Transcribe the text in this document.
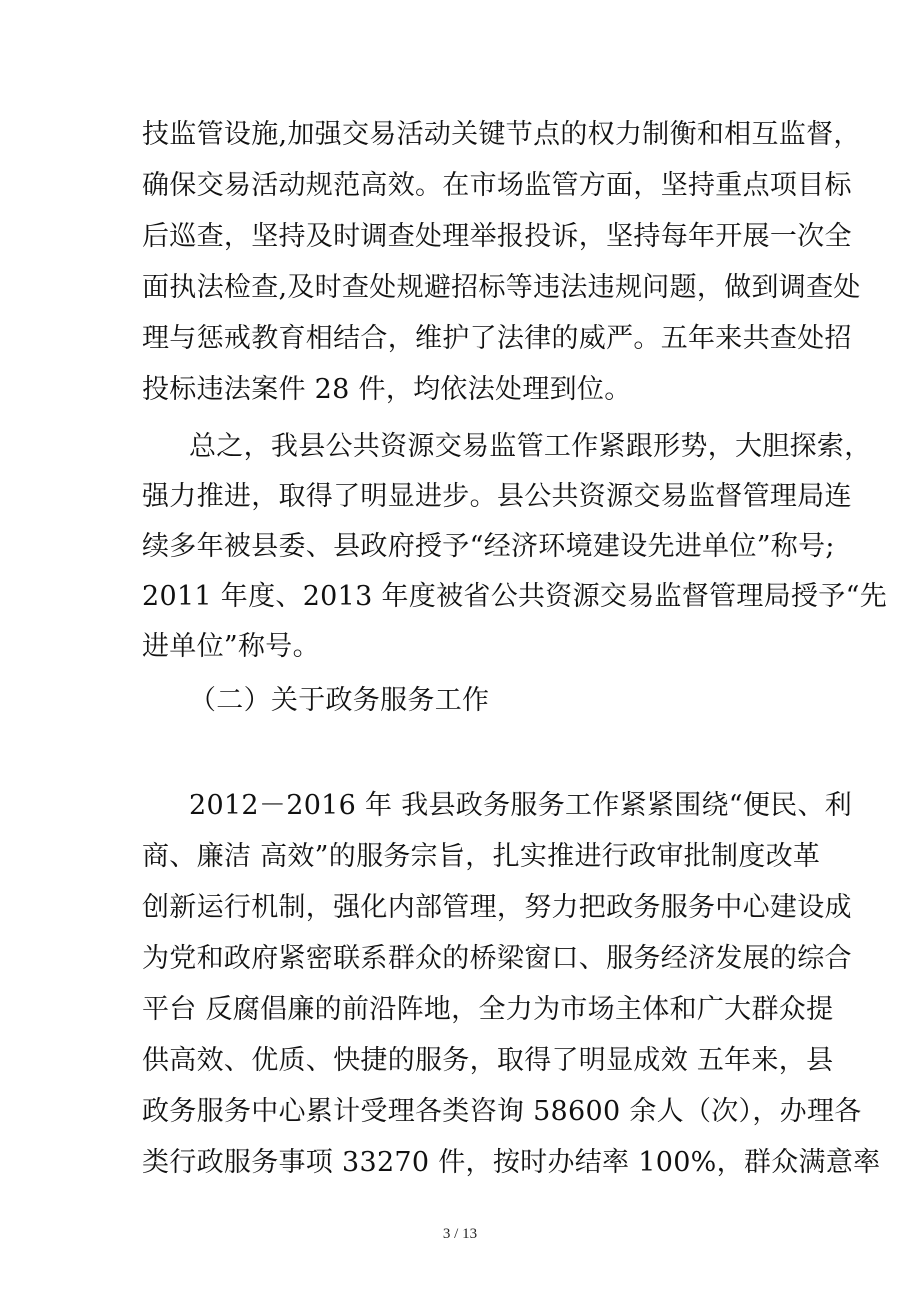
技监管设施,加强交易活动关键节点的权力制衡和相互监督，
确保交易活动规范高效。在市场监管方面，坚持重点项目标
后巡查，坚持及时调查处理举报投诉，坚持每年开展一次全
面执法检查,及时查处规避招标等违法违规问题，做到调查处
理与惩戒教育相结合，维护了法律的威严。五年来共查处招
投标违法案件 28 件，均依法处理到位。
总之，我县公共资源交易监管工作紧跟形势，大胆探索，
强力推进，取得了明显进步。县公共资源交易监督管理局连
续多年被县委、县政府授予“经济环境建设先进单位”称号;
2011 年度、2013 年度被省公共资源交易监督管理局授予“先
进单位”称号。
（二）关于政务服务工作
2012－2016 年 我县政务服务工作紧紧围绕“便民、利
商、廉洁 高效”的服务宗旨，扎实推进行政审批制度改革
创新运行机制，强化内部管理，努力把政务服务中心建设成
为党和政府紧密联系群众的桥梁窗口、服务经济发展的综合
平台 反腐倡廉的前沿阵地，全力为市场主体和广大群众提
供高效、优质、快捷的服务，取得了明显成效 五年来，县
政务服务中心累计受理各类咨询 58600 余人（次），办理各
类行政服务事项 33270 件，按时办结率 100%，群众满意率
3 / 13
